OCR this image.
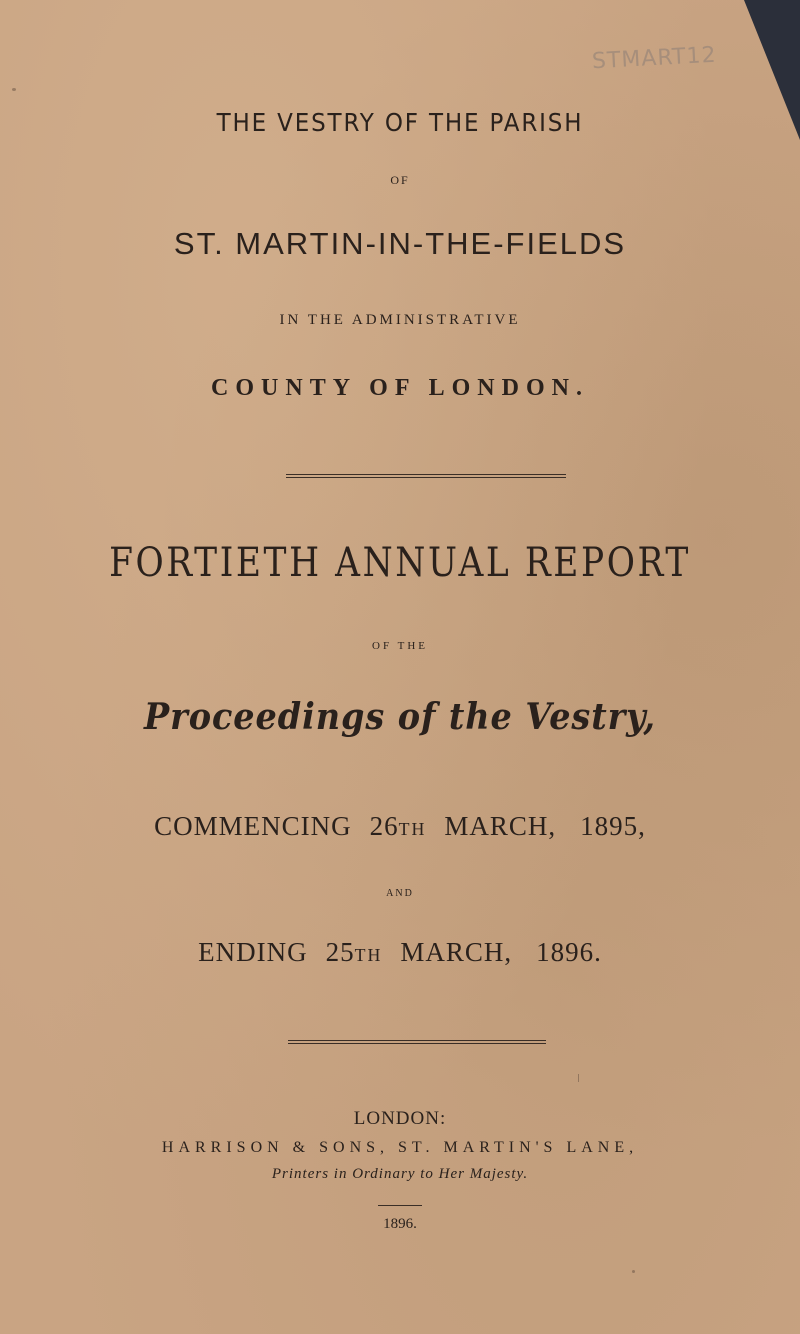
STMART12
THE VESTRY OF THE PARISH
OF
ST. MARTIN-IN-THE-FIELDS
IN THE ADMINISTRATIVE
COUNTY OF LONDON.
FORTIETH ANNUAL REPORT
OF THE
Proceedings of the Vestry,
COMMENCING 26TH MARCH, 1895,
AND
ENDING 25TH MARCH, 1896.
LONDON:
HARRISON & SONS, ST. MARTIN'S LANE,
Printers in Ordinary to Her Majesty.
1896.
